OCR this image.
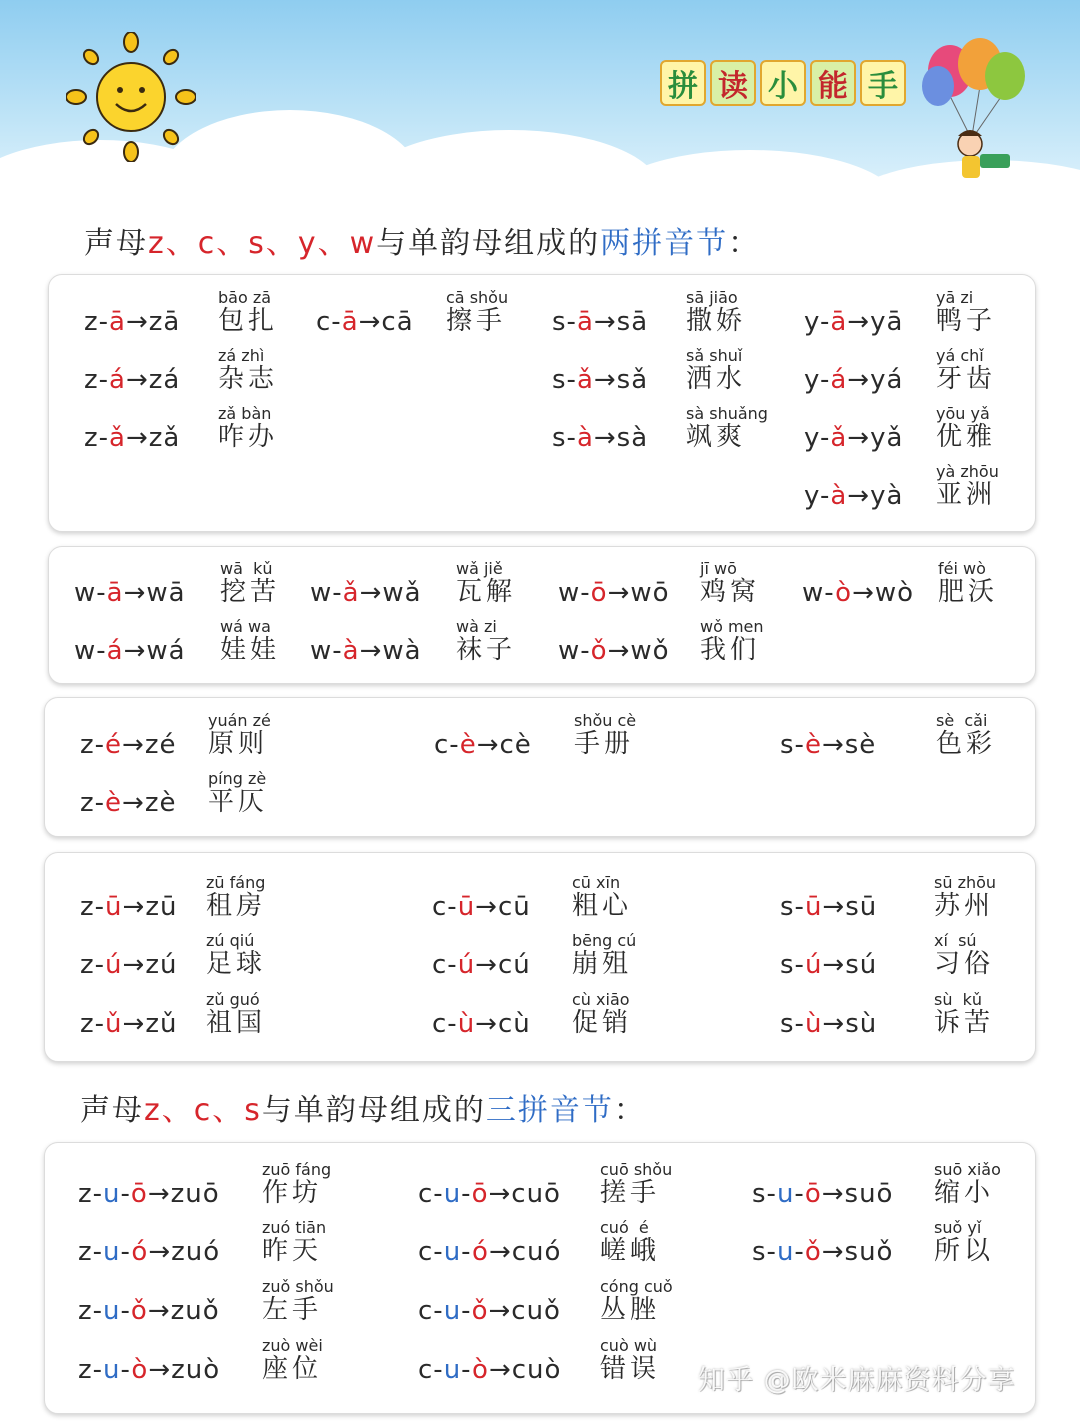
拼 读 小 能 手
声母z、c、s、y、w与单韵母组成的两拼音节：
声母z、c、s与单韵母组成的三拼音节：
z-ā→zā
bāo zā
包扎
z-á→zá
zá zhì
杂志
z-ǎ→zǎ
zǎ bàn
咋办
c-ā→cā
cā shǒu
擦手 s-ā→sā
sā jiāo
撒娇
s-ǎ→sǎ
sǎ shuǐ
洒水
s-à→sà
sà shuǎng
飒爽
y-ā→yā
yā zi
鸭子
y-á→yá
yá chǐ
牙齿
y-ǎ→yǎ
yōu yǎ
优雅
y-à→yà
yà zhōu
亚洲
w-ā→wā
wā  kǔ
挖苦
w-á→wá
wá wa
娃娃
w-ǎ→wǎ
wǎ jiě
瓦解
w-à→wà
wà zi
袜子
w-ō→wō
jī wō
鸡窝
w-ǒ→wǒ
wǒ men
我们
w-ò→wò
féi wò
肥沃
z-é→zé
yuán zé
原则
z-è→zè
píng zè
平仄
c-è→cè
shǒu cè
手册	s-è→sè
sè  cǎi
色彩
z-ū→zū
zū fáng
租房
z-ú→zú
zú qiú
足球
z-ǔ→zǔ
zǔ guó
祖国
c-ū→cū
cū xīn
粗心
c-ú→cú
bēng cú
崩殂
c-ù→cù
cù xiāo
促销
s-ū→sū
sū zhōu
苏州
s-ú→sú
xí  sú
习俗
s-ù→sù
sù  kǔ
诉苦
z-u-ō→zuō
zuō fáng
作坊
z-u-ó→zuó
zuó tiān
昨天
z-u-ǒ→zuǒ
zuǒ shǒu
左手
z-u-ò→zuò
zuò wèi
座位
c-u-ō→cuō
cuō shǒu
搓手
c-u-ó→cuó
cuó  é
嵯峨
c-u-ǒ→cuǒ
cóng cuǒ
丛脞
c-u-ò→cuò
cuò wù
错误
s-u-ō→suō
suō xiǎo
缩小
s-u-ǒ→suǒ
suǒ yǐ
所以
知乎 @欧米麻麻资料分享
